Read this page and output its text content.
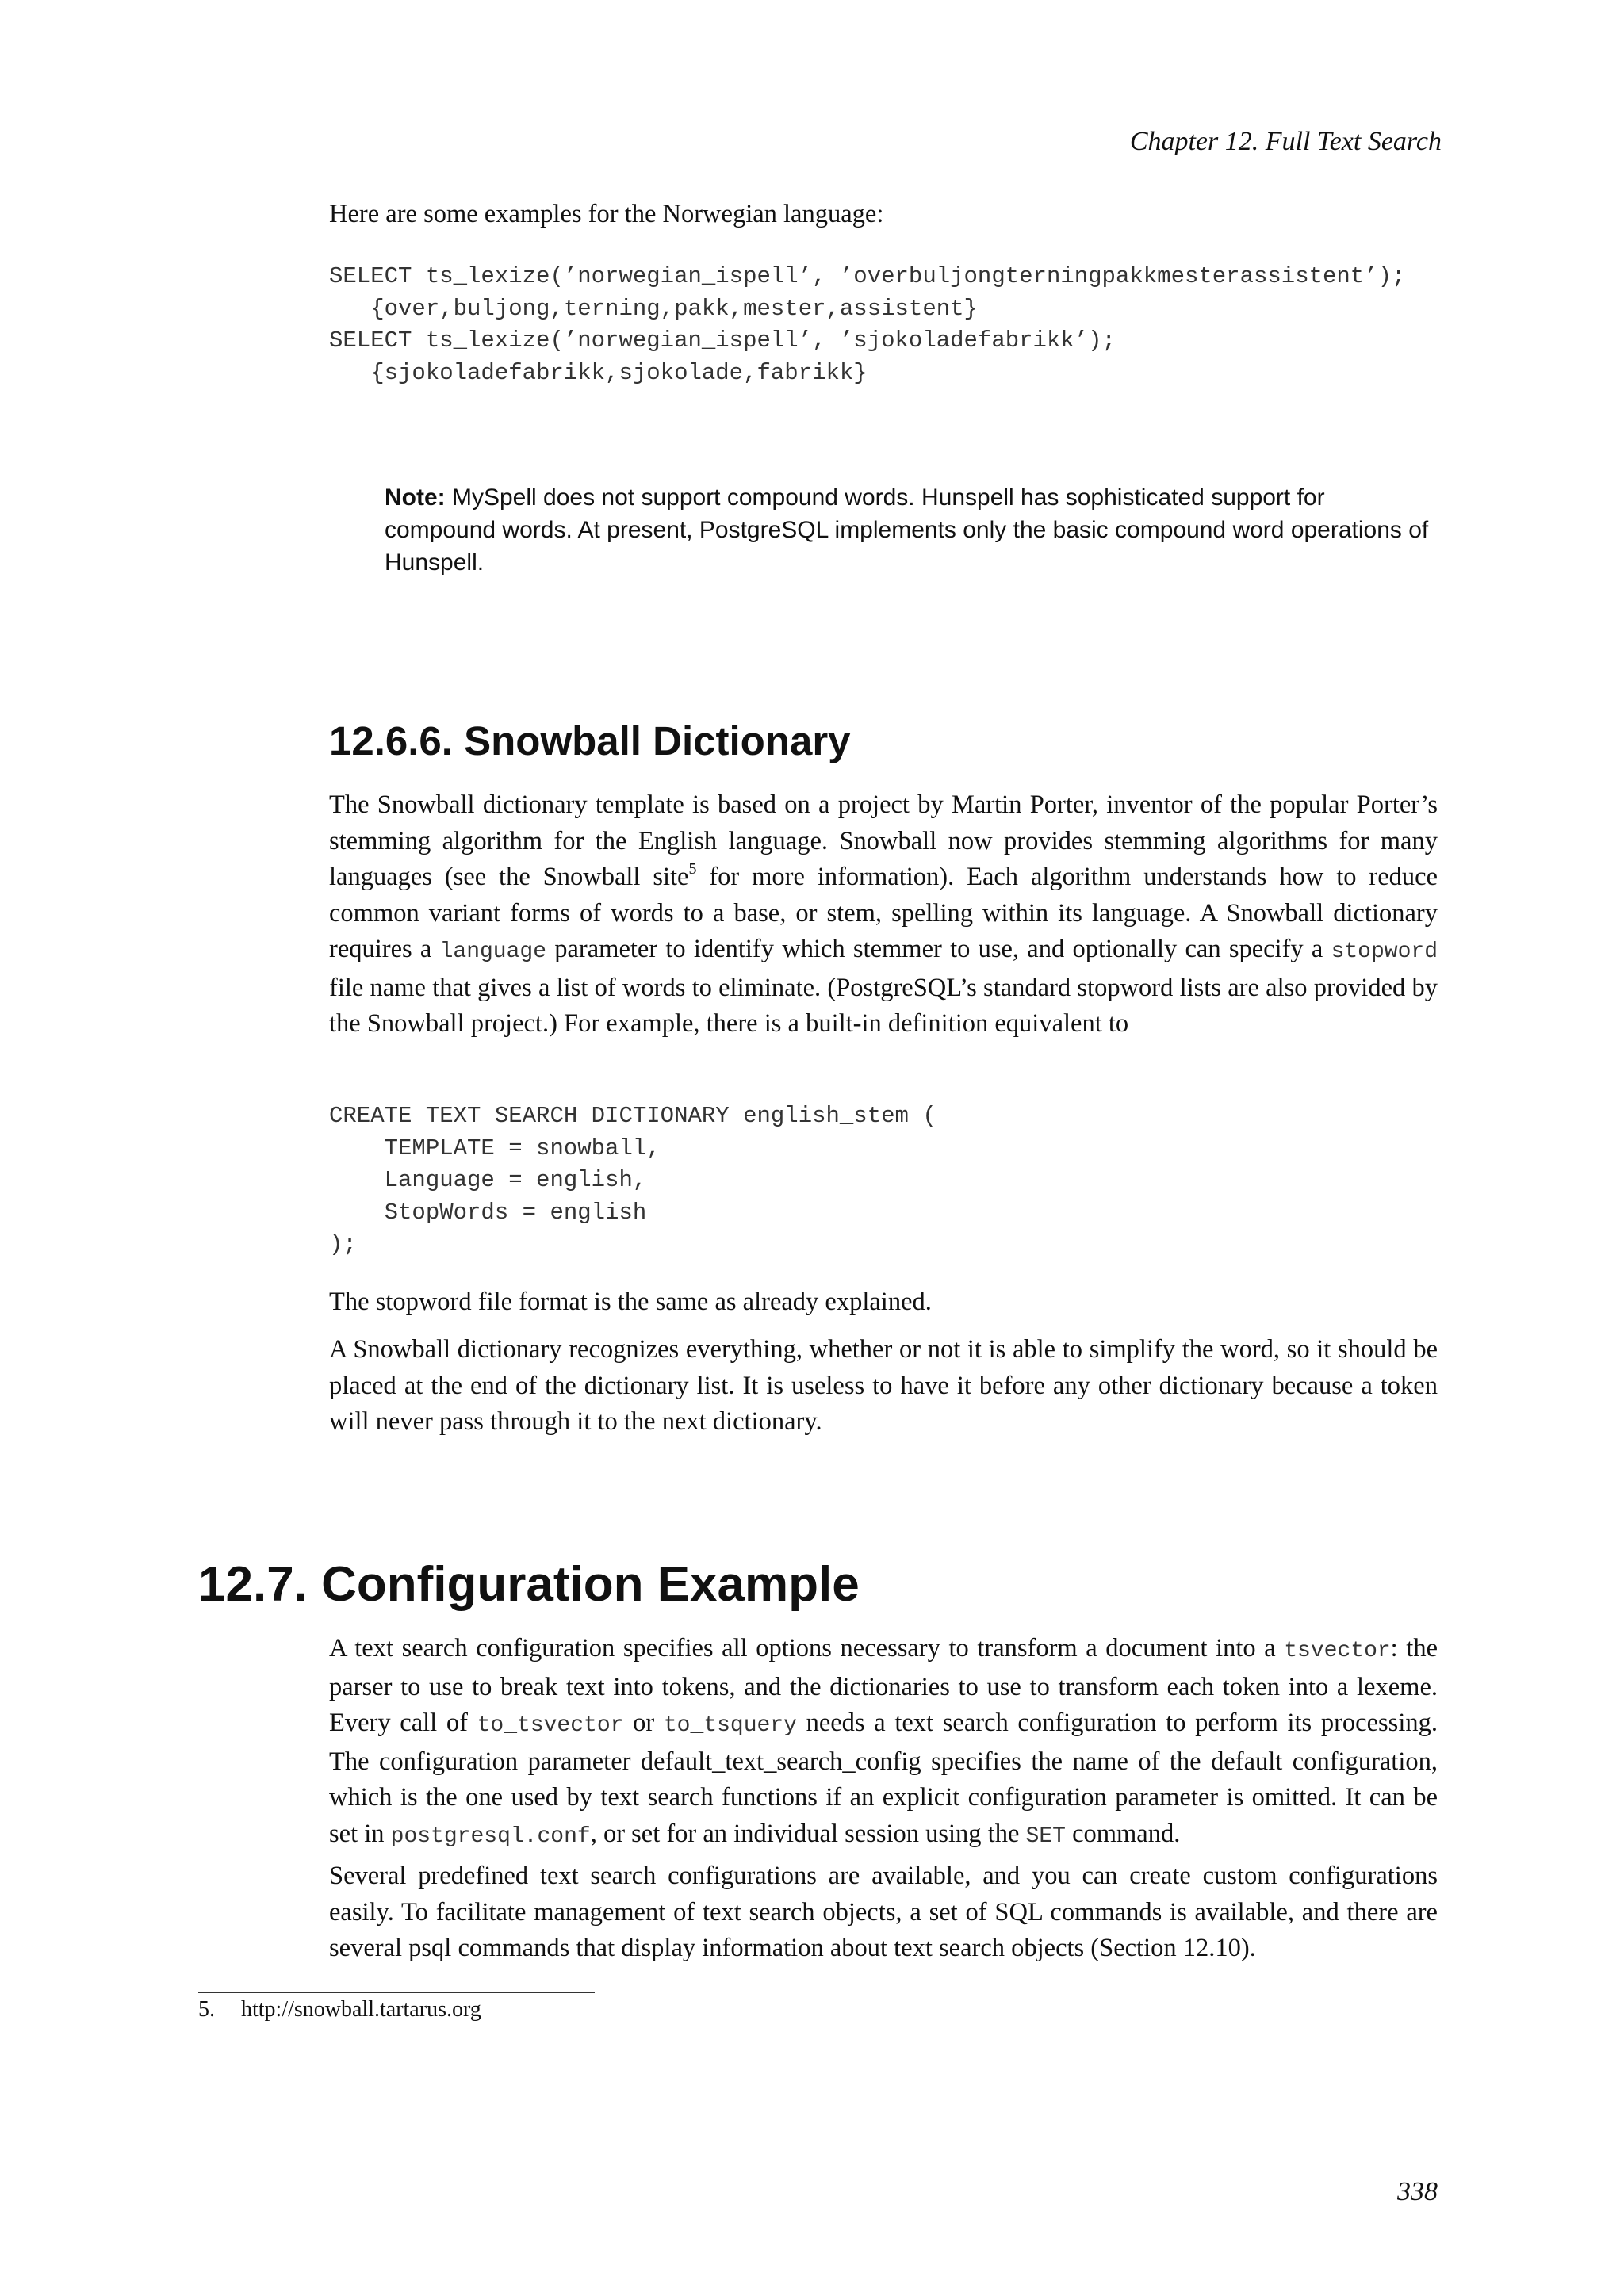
Chapter 12. Full Text Search

Here are some examples for the Norwegian language:

SELECT ts_lexize(’norwegian_ispell’, ’overbuljongterningpakkmesterassistent’);
{over,buljong,terning,pakk,mester,assistent}
SELECT ts_lexize(’norwegian_ispell’, ’sjokoladefabrikk’);
{sjokoladefabrikk,sjokolade,fabrikk}

Note: MySpell does not support compound words. Hunspell has sophisticated support for compound words. At present, PostgreSQL implements only the basic compound word operations of Hunspell.

12.6.6. Snowball Dictionary

The Snowball dictionary template is based on a project by Martin Porter, inventor of the popular Porter’s stemming algorithm for the English language. Snowball now provides stemming algorithms for many languages (see the Snowball site$^5$ for more information). Each algorithm understands how to reduce common variant forms of words to a base, or stem, spelling within its language. A Snowball dictionary requires a language parameter to identify which stemmer to use, and optionally can specify a stopword file name that gives a list of words to eliminate. (PostgreSQL’s standard stopword lists are also provided by the Snowball project.) For example, there is a built-in definition equivalent to

CREATE TEXT SEARCH DICTIONARY english_stem (
TEMPLATE = snowball,
Language = english,
StopWords = english
);

The stopword file format is the same as already explained.

A Snowball dictionary recognizes everything, whether or not it is able to simplify the word, so it should be placed at the end of the dictionary list. It is useless to have it before any other dictionary because a token will never pass through it to the next dictionary.

12.7. Configuration Example

A text search configuration specifies all options necessary to transform a document into a tsvector: the parser to use to break text into tokens, and the dictionaries to use to transform each token into a lexeme. Every call of to_tsvector or to_tsquery needs a text search configuration to perform its processing. The configuration parameter default_text_search_config specifies the name of the default configuration, which is the one used by text search functions if an explicit configuration parameter is omitted. It can be set in postgresql.conf, or set for an individual session using the SET command.

Several predefined text search configurations are available, and you can create custom configurations easily. To facilitate management of text search objects, a set of SQL commands is available, and there are several psql commands that display information about text search objects (Section 12.10).

5. http://snowball.tartarus.org

338
